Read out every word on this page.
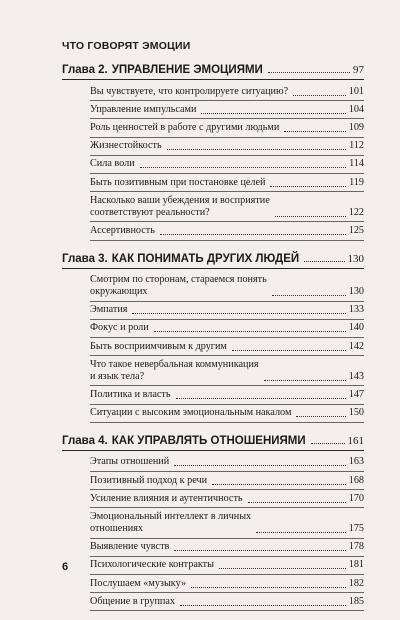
ЧТО ГОВОРЯТ ЭМОЦИИ
Глава 2. УПРАВЛЕНИЕ ЭМОЦИЯМИ	97
Вы чувствуете, что контролируете ситуацию?	101
Управление импульсами	104
Роль ценностей в работе с другими людьми	109
Жизнестойкость	112
Сила воли	114
Быть позитивным при постановке целей	119
Насколько ваши убеждения и восприятие
соответствуют реальности?	122
Ассертивность	125
Глава 3. КАК ПОНИМАТЬ ДРУГИХ ЛЮДЕЙ	130
Смотрим по сторонам, стараемся понять
окружающих	130
Эмпатия	133
Фокус и роли	140
Быть восприимчивым к другим	142
Что такое невербальная коммуникация
и язык тела?	143
Политика и власть	147
Ситуации с высоким эмоциональным накалом	150
Глава 4. КАК УПРАВЛЯТЬ ОТНОШЕНИЯМИ	161
Этапы отношений	163
Позитивный подход к речи	168
Усиление влияния и аутентичность	170
Эмоциональный интеллект в личных
отношениях	175
Выявление чувств	178
Психологические контракты	181
Послушаем «музыку»	182
Общение в группах	185
6
